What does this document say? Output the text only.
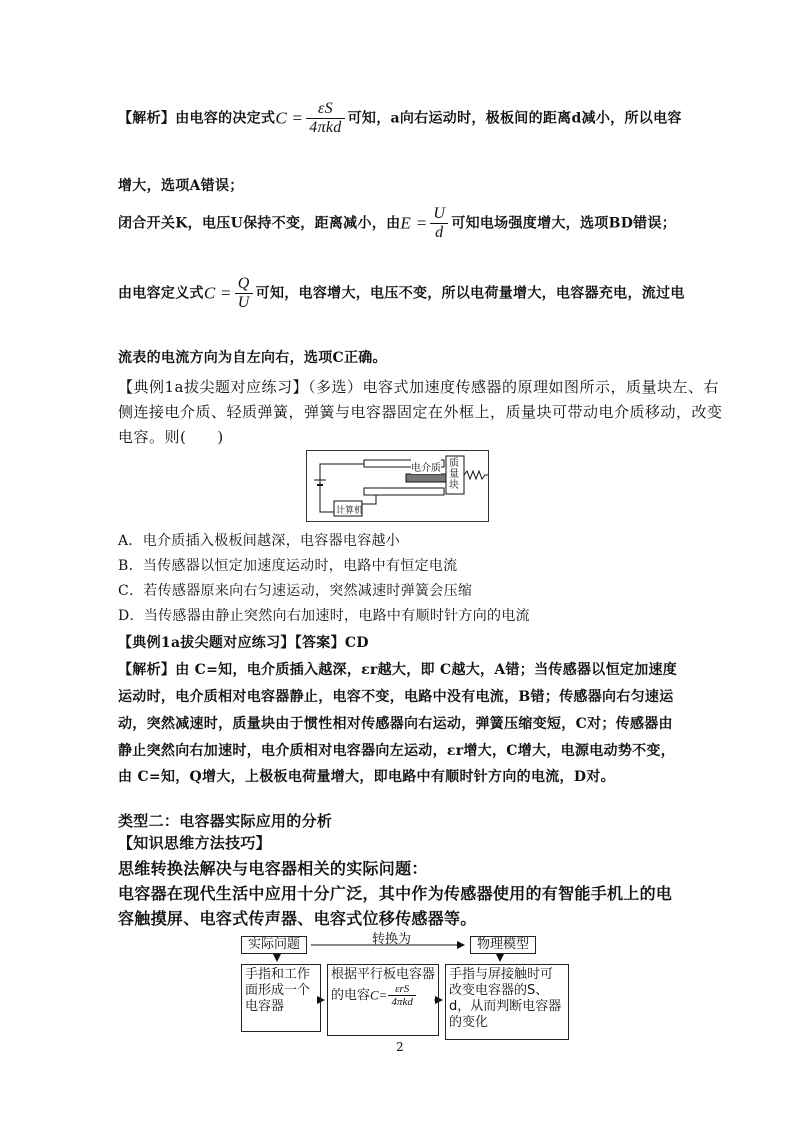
【解析】由电容的决定式$C = \frac{\varepsilon S}{\text{4πkd}}$ 可知，a向右运动时，极板间的距离d减小，所以电容
增大，选项A错误；
闭合开关K，电压U保持不变，距离减小，由$E = \frac{U}{d}$ 可知电场强度增大，选项BD错误；
由电容定义式$C = \frac{Q}{U}$ 可知，电容增大，电压不变，所以电荷量增大，电容器充电，流过电
流表的电流方向为自左向右，选项C正确。
【典例1a拔尖题对应练习】（多选）电容式加速度传感器的原理如图所示，质量块左、右
侧连接电介质、轻质弹簧，弹簧与电容器固定在外框上，质量块可带动电介质移动，改变
电容。则(　　)
电介质 质量块
计算机
A．电介质插入极板间越深，电容器电容越小
B．当传感器以恒定加速度运动时，电路中有恒定电流
C．若传感器原来向右匀速运动，突然减速时弹簧会压缩
D．当传感器由静止突然向右加速时，电路中有顺时针方向的电流
【典例1a拔尖题对应练习】【答案】CD
【解析】由 C=知，电介质插入越深，εr越大，即 C越大，A错；当传感器以恒定加速度
运动时，电介质相对电容器静止，电容不变，电路中没有电流，B错；传感器向右匀速运
动，突然减速时，质量块由于惯性相对传感器向右运动，弹簧压缩变短，C对；传感器由
静止突然向右加速时，电介质相对电容器向左运动，εr增大，C增大，电源电动势不变，
由 C=知，Q增大，上极板电荷量增大，即电路中有顺时针方向的电流，D对。
类型二：电容器实际应用的分析
【知识思维方法技巧】
思维转换法解决与电容器相关的实际问题：
电容器在现代生活中应用十分广泛，其中作为传感器使用的有智能手机上的电
容触摸屏、电容式传声器、电容式位移传感器等。
实际问题	转换为	物理模型
手指和工作面形成一个电容器
根据平行板电容器的电容$C= \frac{\text{εrS}}{\text{4πkd}}$
手指与屏接触时可改变电容器的S、d，从而判断电容器的变化
2
